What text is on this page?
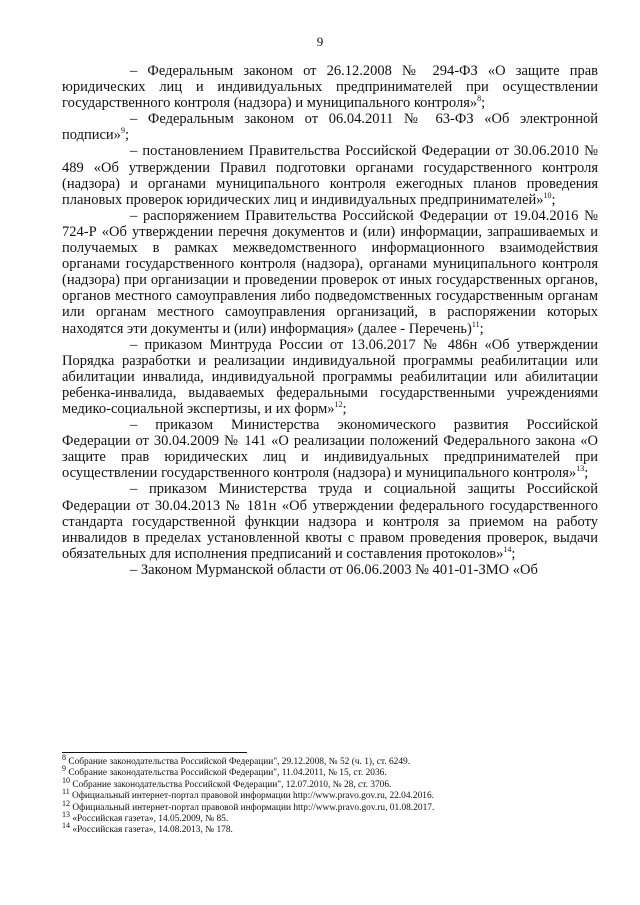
9

– Федеральным законом от 26.12.2008 № 294-ФЗ «О защите прав юридических лиц и индивидуальных предпринимателей при осуществлении государственного контроля (надзора) и муниципального контроля»$^8$;

– Федеральным законом от 06.04.2011 № 63-ФЗ «Об электронной подписи»$^9$;

– постановлением Правительства Российской Федерации от 30.06.2010 № 489 «Об утверждении Правил подготовки органами государственного контроля (надзора) и органами муниципального контроля ежегодных планов проведения плановых проверок юридических лиц и индивидуальных предпринимателей»$^{10}$;

– распоряжением Правительства Российской Федерации от 19.04.2016 № 724-Р «Об утверждении перечня документов и (или) информации, запрашиваемых и получаемых в рамках межведомственного информационного взаимодействия органами государственного контроля (надзора), органами муниципального контроля (надзора) при организации и проведении проверок от иных государственных органов, органов местного самоуправления либо подведомственных государственным органам или органам местного самоуправления организаций, в распоряжении которых находятся эти документы и (или) информация» (далее - Перечень)$^{11}$;

– приказом Минтруда России от 13.06.2017 № 486н «Об утверждении Порядка разработки и реализации индивидуальной программы реабилитации или абилитации инвалида, индивидуальной программы реабилитации или абилитации ребенка-инвалида, выдаваемых федеральными государственными учреждениями медико-социальной экспертизы, и их форм»$^{12}$;

– приказом Министерства экономического развития Российской Федерации от 30.04.2009 № 141 «О реализации положений Федерального закона «О защите прав юридических лиц и индивидуальных предпринимателей при осуществлении государственного контроля (надзора) и муниципального контроля»$^{13}$;

– приказом Министерства труда и социальной защиты Российской Федерации от 30.04.2013 № 181н «Об утверждении федерального государственного стандарта государственной функции надзора и контроля за приемом на работу инвалидов в пределах установленной квоты с правом проведения проверок, выдачи обязательных для исполнения предписаний и составления протоколов»$^{14}$;

– Законом Мурманской области от 06.06.2003 № 401-01-ЗМО «Об

$^8$ Собрание законодательства Российской Федерации", 29.12.2008, № 52 (ч. 1), ст. 6249.

$^9$ Собрание законодательства Российской Федерации", 11.04.2011, № 15, ст. 2036.

$^{10}$ Собрание законодательства Российской Федерации", 12.07.2010, № 28, ст. 3706.

$^{11}$ Официальный интернет-портал правовой информации http://www.pravo.gov.ru, 22.04.2016.

$^{12}$ Официальный интернет-портал правовой информации http://www.pravo.gov.ru, 01.08.2017.

$^{13}$ «Российская газета», 14.05.2009, № 85.

$^{14}$ «Российская газета», 14.08.2013, № 178.
